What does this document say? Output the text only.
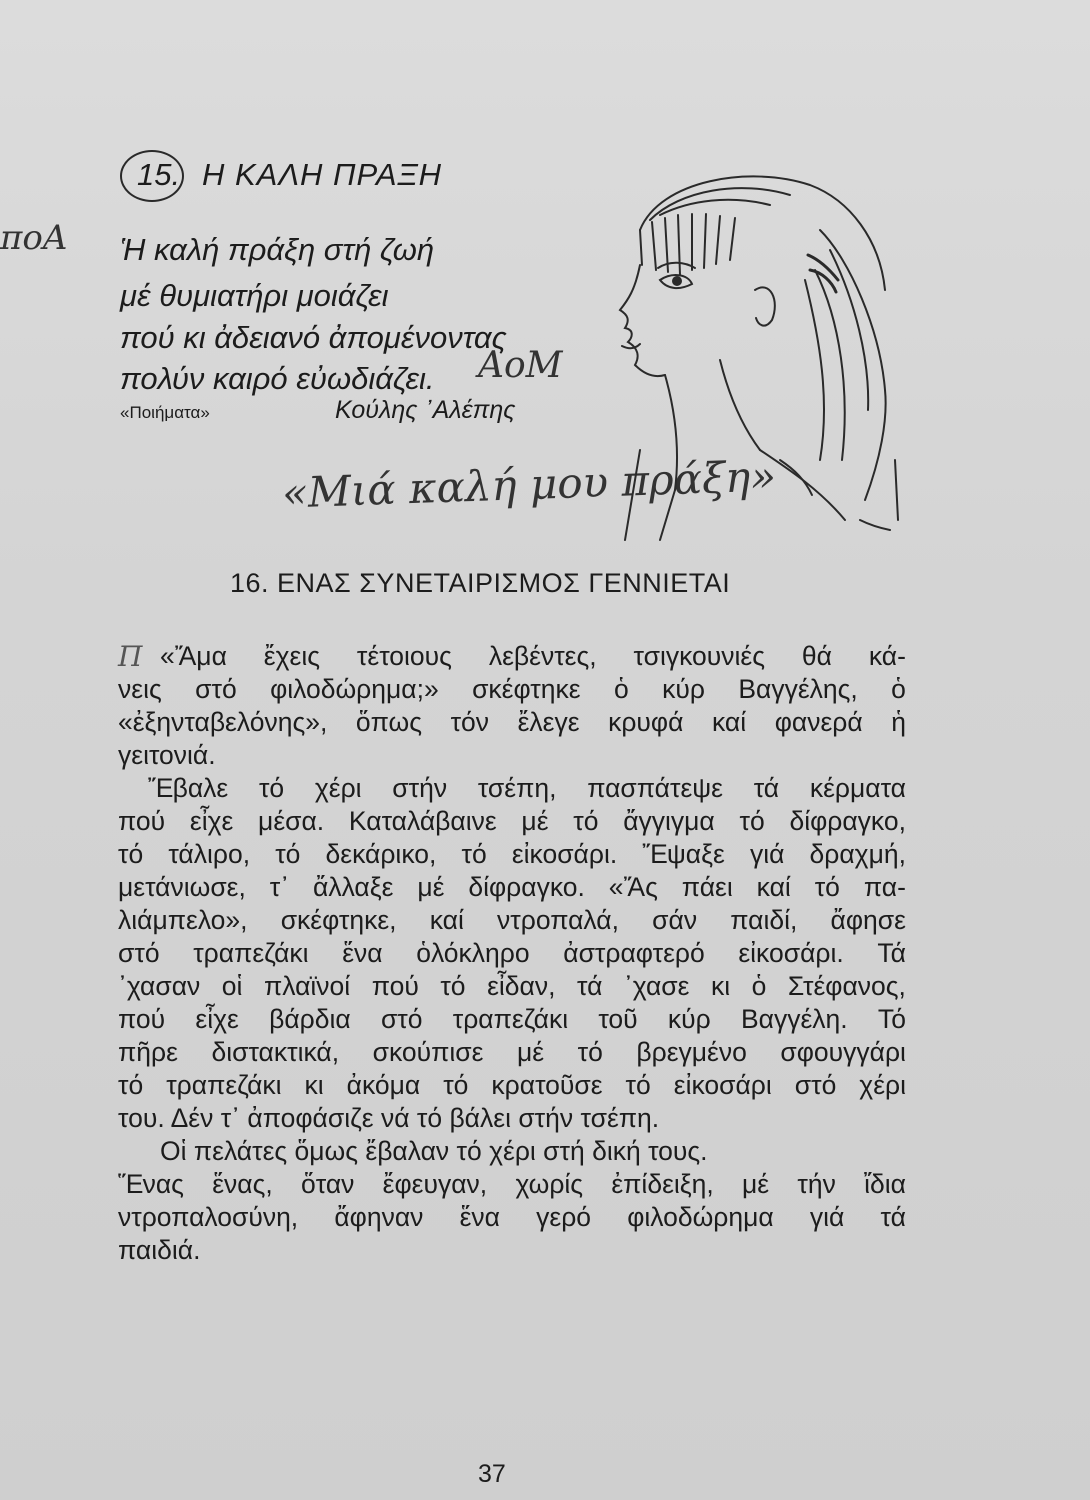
15. Η ΚΑΛΗ ΠΡΑΞΗ
ποΑ Ἡ καλή πράξη στή ζωή
μέ θυμιατήρι μοιάζει
πού κι ἀδειανό ἀπομένοντας
πολύν καιρό εὐωδιάζει. ΑοΜ
«Ποιήματα»	Κούλης ᾿Αλέπης
«Μιά καλή μου πράξη»
16. ΕΝΑΣ ΣΥΝΕΤΑΙΡΙΣΜΟΣ ΓΕΝΝΙΕΤΑΙ
Π «Ἄμα ἔχεις τέτοιους λεβέντες, τσιγκουνιές θά κά-
νεις στό φιλοδώρημα;» σκέφτηκε ὁ κύρ Βαγγέλης, ὁ
«ἐξηνταβελόνης», ὅπως τόν ἔλεγε κρυφά καί φανερά ἡ
γειτονιά.
Ἔβαλε τό χέρι στήν τσέπη, πασπάτεψε τά κέρματα
πού εἶχε μέσα. Καταλάβαινε μέ τό ἄγγιγμα τό δίφραγκο,
τό τάλιρο, τό δεκάρικο, τό εἰκοσάρι. Ἔψαξε γιά δραχμή,
μετάνιωσε, τ᾿ ἄλλαξε μέ δίφραγκο. «Ἄς πάει καί τό πα-
λιάμπελο», σκέφτηκε, καί ντροπαλά, σάν παιδί, ἄφησε
στό τραπεζάκι ἕνα ὁλόκληρο ἀστραφτερό εἰκοσάρι. Τά
᾿χασαν οἱ πλαϊνοί πού τό εἶδαν, τά ᾿χασε κι ὁ Στέφανος,
πού εἶχε βάρδια στό τραπεζάκι τοῦ κύρ Βαγγέλη. Τό
πῆρε διστακτικά, σκούπισε μέ τό βρεγμένο σφουγγάρι
τό τραπεζάκι κι ἀκόμα τό κρατοῦσε τό εἰκοσάρι στό χέρι
του. Δέν τ᾿ ἀποφάσιζε νά τό βάλει στήν τσέπη.
Οἱ πελάτες ὅμως ἔβαλαν τό χέρι στή δική τους.
Ἕνας ἕνας, ὅταν ἔφευγαν, χωρίς ἐπίδειξη, μέ τήν ἴδια
ντροπαλοσύνη, ἄφηναν ἕνα γερό φιλοδώρημα γιά τά
παιδιά.
37
